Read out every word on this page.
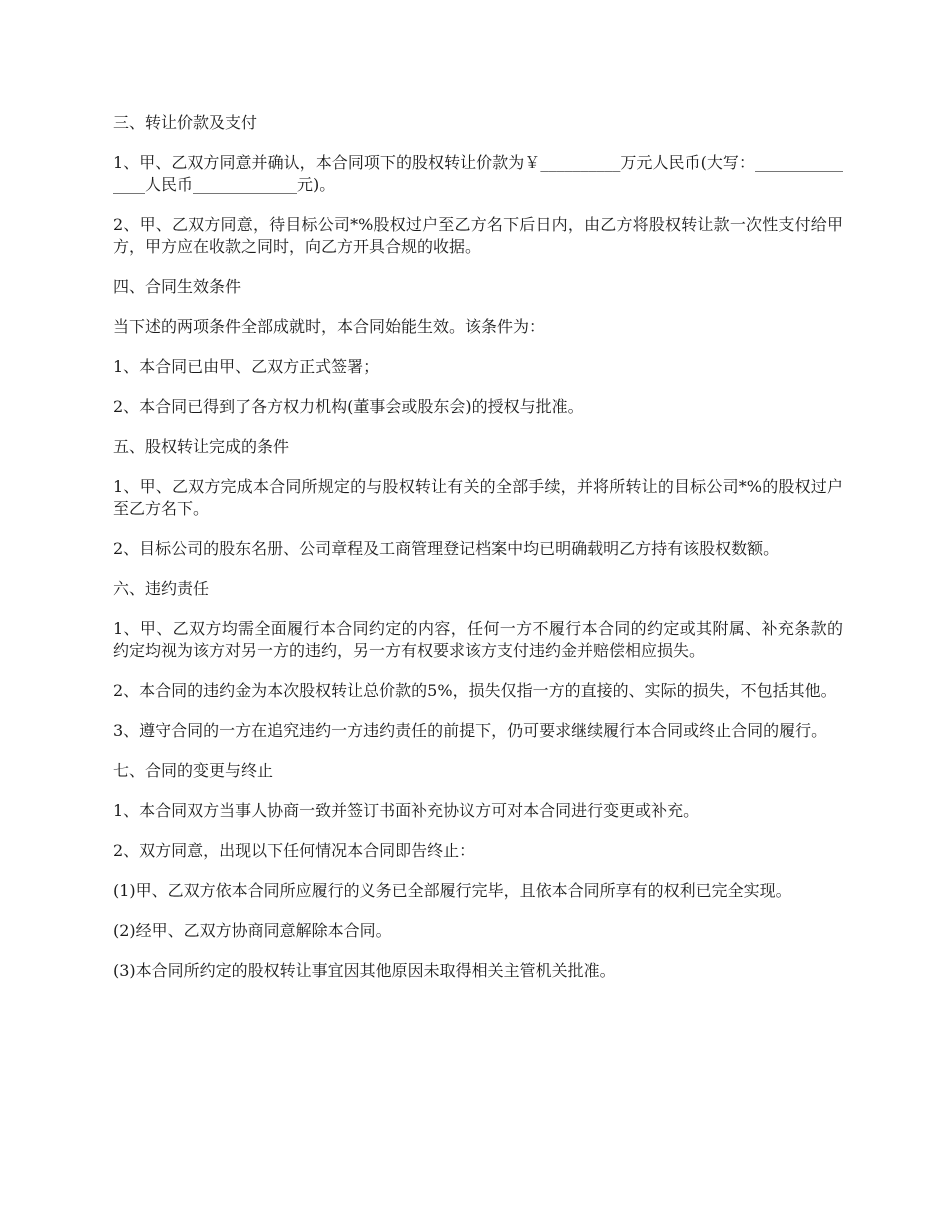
三、转让价款及支付

1、甲、乙双方同意并确认，本合同项下的股权转让价款为￥__________万元人民币(大写：_______________人民币_____________元)。

2、甲、乙双方同意，待目标公司*%股权过户至乙方名下后日内，由乙方将股权转让款一次性支付给甲方，甲方应在收款之同时，向乙方开具合规的收据。

四、合同生效条件

当下述的两项条件全部成就时，本合同始能生效。该条件为：

1、本合同已由甲、乙双方正式签署；

2、本合同已得到了各方权力机构(董事会或股东会)的授权与批准。

五、股权转让完成的条件

1、甲、乙双方完成本合同所规定的与股权转让有关的全部手续，并将所转让的目标公司*%的股权过户至乙方名下。

2、目标公司的股东名册、公司章程及工商管理登记档案中均已明确载明乙方持有该股权数额。

六、违约责任

1、甲、乙双方均需全面履行本合同约定的内容，任何一方不履行本合同的约定或其附属、补充条款的约定均视为该方对另一方的违约，另一方有权要求该方支付违约金并赔偿相应损失。

2、本合同的违约金为本次股权转让总价款的5%，损失仅指一方的直接的、实际的损失，不包括其他。

3、遵守合同的一方在追究违约一方违约责任的前提下，仍可要求继续履行本合同或终止合同的履行。

七、合同的变更与终止

1、本合同双方当事人协商一致并签订书面补充协议方可对本合同进行变更或补充。

2、双方同意，出现以下任何情况本合同即告终止：

(1)甲、乙双方依本合同所应履行的义务已全部履行完毕，且依本合同所享有的权利已完全实现。

(2)经甲、乙双方协商同意解除本合同。

(3)本合同所约定的股权转让事宜因其他原因未取得相关主管机关批准。
